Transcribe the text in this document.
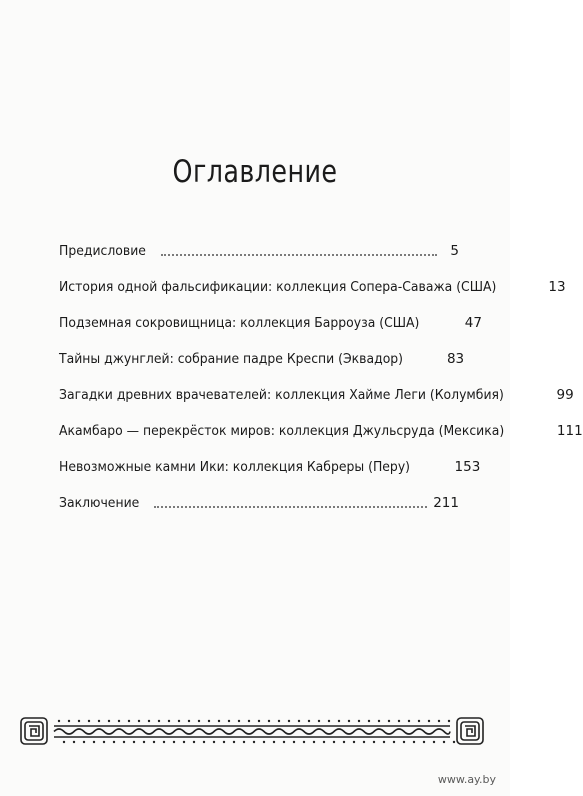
Оглавление
Предисловие	5
История одной фальсификации: коллекция Сопера-Саважа (США)	13
Подземная сокровищница: коллекция Барроуза (США)	47
Тайны джунглей: собрание падре Креспи (Эквадор)	83
Загадки древних врачевателей: коллекция Хайме Леги (Колумбия)	99
Акамбаро — перекрёсток миров: коллекция Джульсруда (Мексика)	111
Невозможные камни Ики: коллекция Кабреры (Перу)	153
Заключение	211
www.ay.by
